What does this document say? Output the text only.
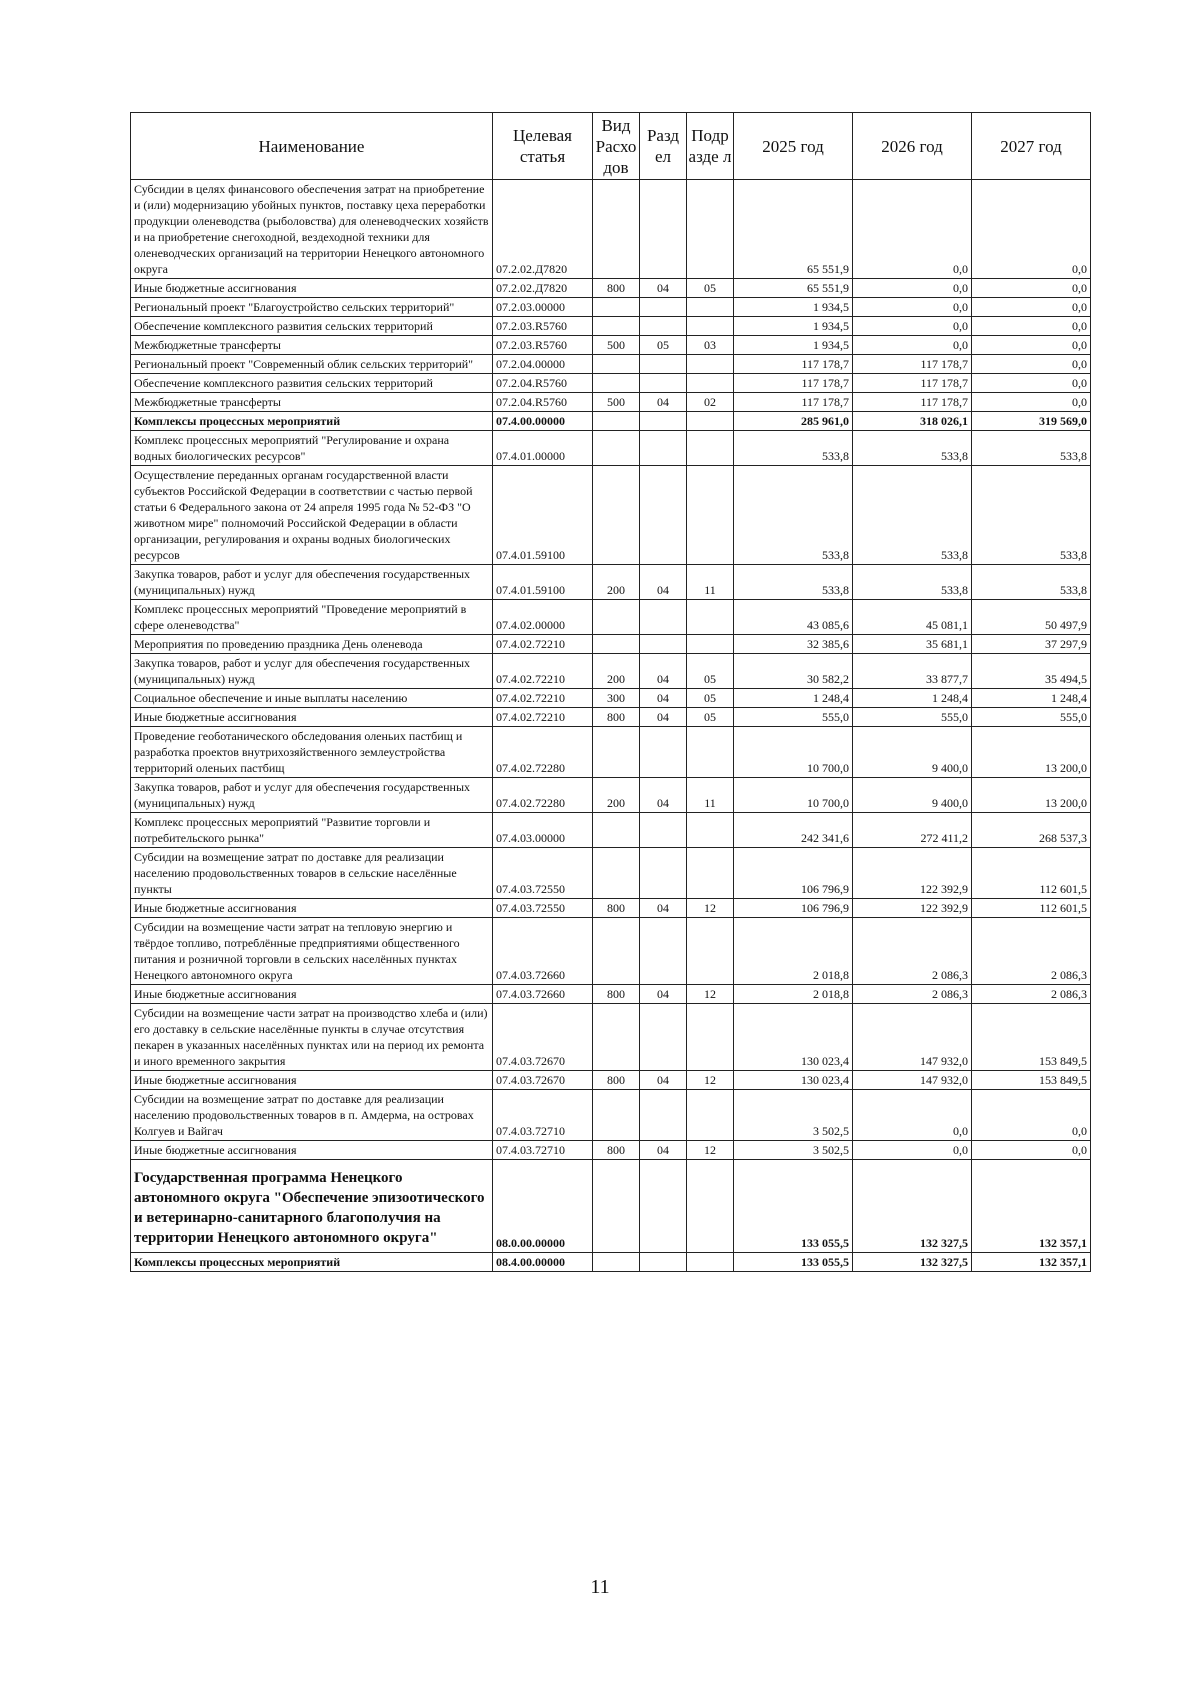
Наименование	Целевая статья	Вид Расхо дов	Разд ел	Подр азде л	2025 год	2026 год	2027 год
Субсидии в целях финансового обеспечения затрат на приобретение и (или) модернизацию убойных пунктов, поставку цеха переработки продукции оленеводства (рыболовства) для оленеводческих хозяйств и на приобретение снегоходной, вездеходной техники для оленеводческих организаций на территории Ненецкого автономного округа	07.2.02.Д7820				65 551,9	0,0	0,0
Иные бюджетные ассигнования	07.2.02.Д7820	800	04	05	65 551,9	0,0	0,0
Региональный проект "Благоустройство сельских территорий"	07.2.03.00000				1 934,5	0,0	0,0
Обеспечение комплексного развития сельских территорий	07.2.03.R5760				1 934,5	0,0	0,0
Межбюджетные трансферты	07.2.03.R5760	500	05	03	1 934,5	0,0	0,0
Региональный проект "Современный облик сельских территорий"	07.2.04.00000				117 178,7	117 178,7	0,0
Обеспечение комплексного развития сельских территорий	07.2.04.R5760				117 178,7	117 178,7	0,0
Межбюджетные трансферты	07.2.04.R5760	500	04	02	117 178,7	117 178,7	0,0
Комплексы процессных мероприятий	07.4.00.00000				285 961,0	318 026,1	319 569,0
Комплекс процессных мероприятий "Регулирование и охрана водных биологических ресурсов"	07.4.01.00000				533,8	533,8	533,8
Осуществление переданных органам государственной власти субъектов Российской Федерации в соответствии с частью первой статьи 6 Федерального закона от 24 апреля 1995 года № 52-ФЗ "О животном мире" полномочий Российской Федерации в области организации, регулирования и охраны водных биологических ресурсов	07.4.01.59100				533,8	533,8	533,8
Закупка товаров, работ и услуг для обеспечения государственных (муниципальных) нужд	07.4.01.59100	200	04	11	533,8	533,8	533,8
Комплекс процессных мероприятий "Проведение мероприятий в сфере оленеводства"	07.4.02.00000				43 085,6	45 081,1	50 497,9
Мероприятия по проведению праздника День оленевода	07.4.02.72210				32 385,6	35 681,1	37 297,9
Закупка товаров, работ и услуг для обеспечения государственных (муниципальных) нужд	07.4.02.72210	200	04	05	30 582,2	33 877,7	35 494,5
Социальное обеспечение и иные выплаты населению	07.4.02.72210	300	04	05	1 248,4	1 248,4	1 248,4
Иные бюджетные ассигнования	07.4.02.72210	800	04	05	555,0	555,0	555,0
Проведение геоботанического обследования оленьих пастбищ и разработка проектов внутрихозяйственного землеустройства территорий оленьих пастбищ	07.4.02.72280				10 700,0	9 400,0	13 200,0
Закупка товаров, работ и услуг для обеспечения государственных (муниципальных) нужд	07.4.02.72280	200	04	11	10 700,0	9 400,0	13 200,0
Комплекс процессных мероприятий "Развитие торговли и потребительского рынка"	07.4.03.00000				242 341,6	272 411,2	268 537,3
Субсидии на возмещение затрат по доставке для реализации населению продовольственных товаров в сельские населённые пункты	07.4.03.72550				106 796,9	122 392,9	112 601,5
Иные бюджетные ассигнования	07.4.03.72550	800	04	12	106 796,9	122 392,9	112 601,5
Субсидии на возмещение части затрат на тепловую энергию и твёрдое топливо, потреблённые предприятиями общественного питания и розничной торговли в сельских населённых пунктах Ненецкого автономного округа	07.4.03.72660				2 018,8	2 086,3	2 086,3
Иные бюджетные ассигнования	07.4.03.72660	800	04	12	2 018,8	2 086,3	2 086,3
Субсидии на возмещение части затрат на производство хлеба и (или) его доставку в сельские населённые пункты в случае отсутствия пекарен в указанных населённых пунктах или на период их ремонта и иного временного закрытия	07.4.03.72670				130 023,4	147 932,0	153 849,5
Иные бюджетные ассигнования	07.4.03.72670	800	04	12	130 023,4	147 932,0	153 849,5
Субсидии на возмещение затрат по доставке для реализации населению продовольственных товаров в п. Амдерма, на островах Колгуев и Вайгач	07.4.03.72710				3 502,5	0,0	0,0
Иные бюджетные ассигнования	07.4.03.72710	800	04	12	3 502,5	0,0	0,0
Государственная программа Ненецкого автономного округа "Обеспечение эпизоотического и ветеринарно-санитарного благополучия на территории Ненецкого автономного округа"	08.0.00.00000				133 055,5	132 327,5	132 357,1
Комплексы процессных мероприятий	08.4.00.00000				133 055,5	132 327,5	132 357,1
11
